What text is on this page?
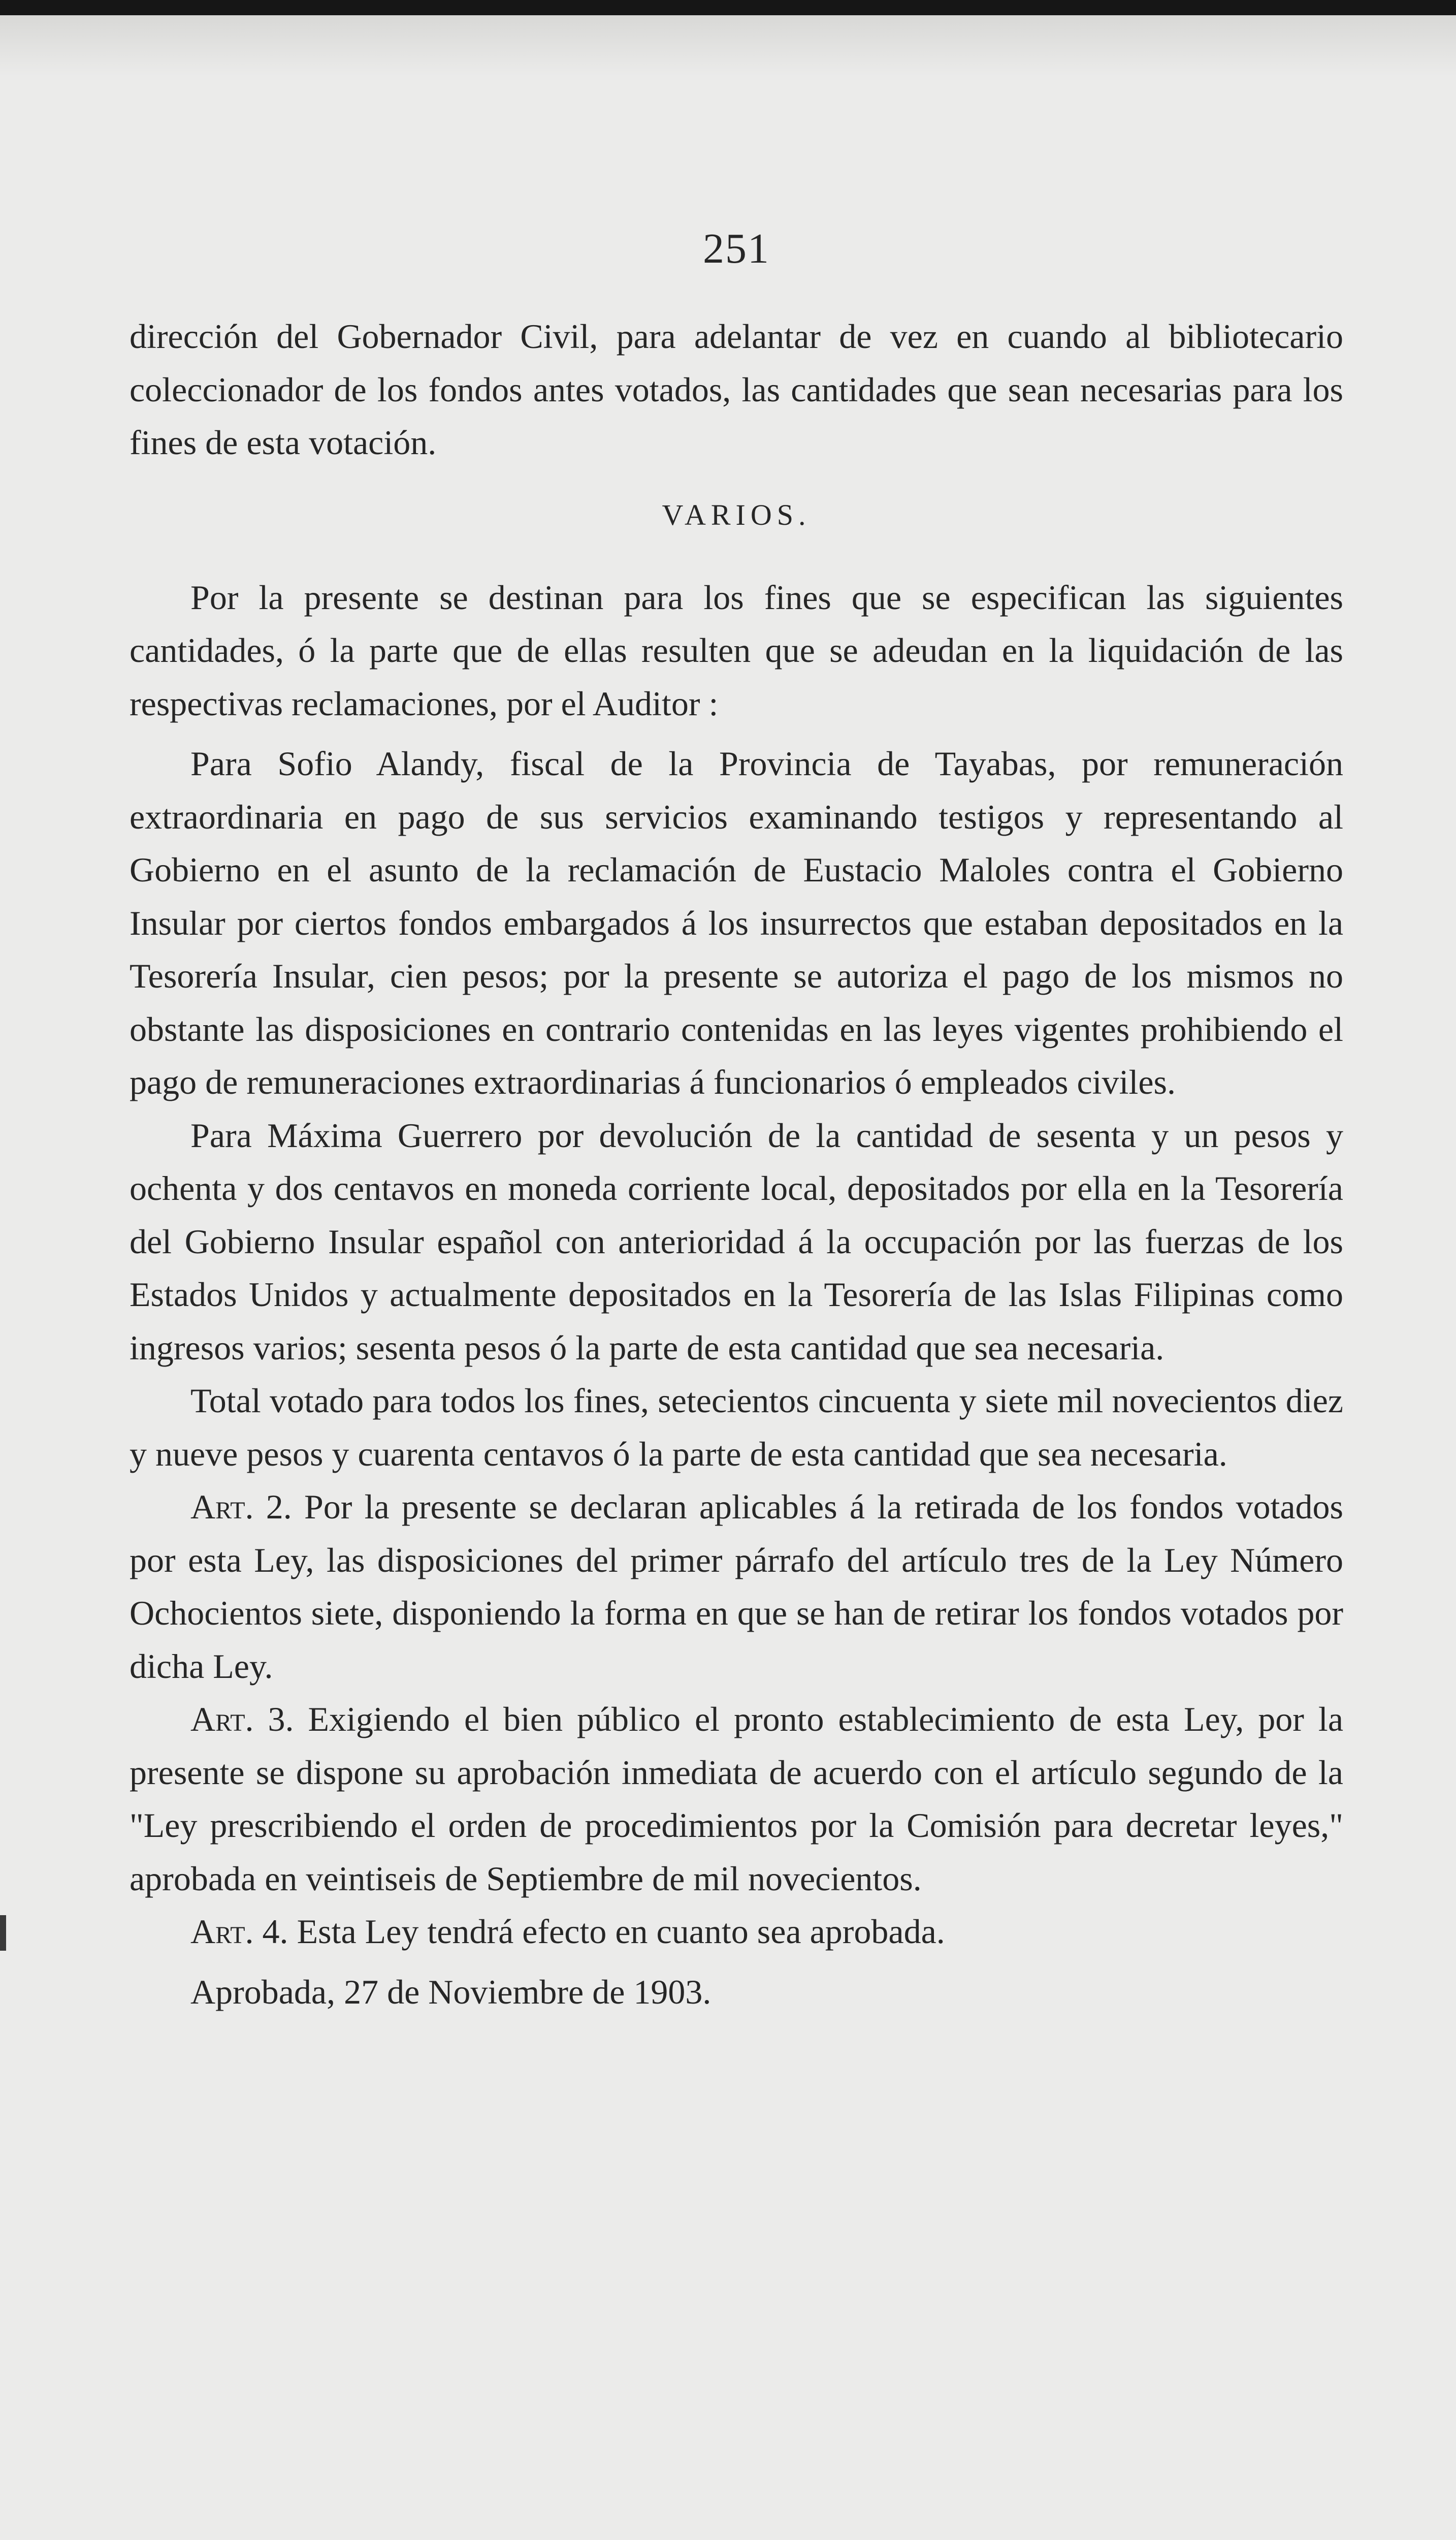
251

dirección del Gobernador Civil, para adelantar de vez en cuando al bibliotecario coleccionador de los fondos antes votados, las cantidades que sean necesarias para los fines de esta votación.

VARIOS.

Por la presente se destinan para los fines que se especifican las siguientes cantidades, ó la parte que de ellas resulten que se adeudan en la liquidación de las respectivas reclamaciones, por el Auditor :

Para Sofio Alandy, fiscal de la Provincia de Tayabas, por remuneración extraordinaria en pago de sus servicios examinando testigos y representando al Gobierno en el asunto de la reclamación de Eustacio Maloles contra el Gobierno Insular por ciertos fondos embargados á los insurrectos que estaban depositados en la Tesorería Insular, cien pesos; por la presente se autoriza el pago de los mismos no obstante las disposiciones en contrario contenidas en las leyes vigentes prohibiendo el pago de remuneraciones extraordinarias á funcionarios ó empleados civiles.

Para Máxima Guerrero por devolución de la cantidad de sesenta y un pesos y ochenta y dos centavos en moneda corriente local, depositados por ella en la Tesorería del Gobierno Insular español con anterioridad á la occupación por las fuerzas de los Estados Unidos y actualmente depositados en la Tesorería de las Islas Filipinas como ingresos varios; sesenta pesos ó la parte de esta cantidad que sea necesaria.

Total votado para todos los fines, setecientos cincuenta y siete mil novecientos diez y nueve pesos y cuarenta centavos ó la parte de esta cantidad que sea necesaria.

Art. 2. Por la presente se declaran aplicables á la retirada de los fondos votados por esta Ley, las disposiciones del primer párrafo del artículo tres de la Ley Número Ochocientos siete, disponiendo la forma en que se han de retirar los fondos votados por dicha Ley.

Art. 3. Exigiendo el bien público el pronto establecimiento de esta Ley, por la presente se dispone su aprobación inmediata de acuerdo con el artículo segundo de la "Ley prescribiendo el orden de procedimientos por la Comisión para decretar leyes," aprobada en veintiseis de Septiembre de mil novecientos.

Art. 4. Esta Ley tendrá efecto en cuanto sea aprobada.

Aprobada, 27 de Noviembre de 1903.
